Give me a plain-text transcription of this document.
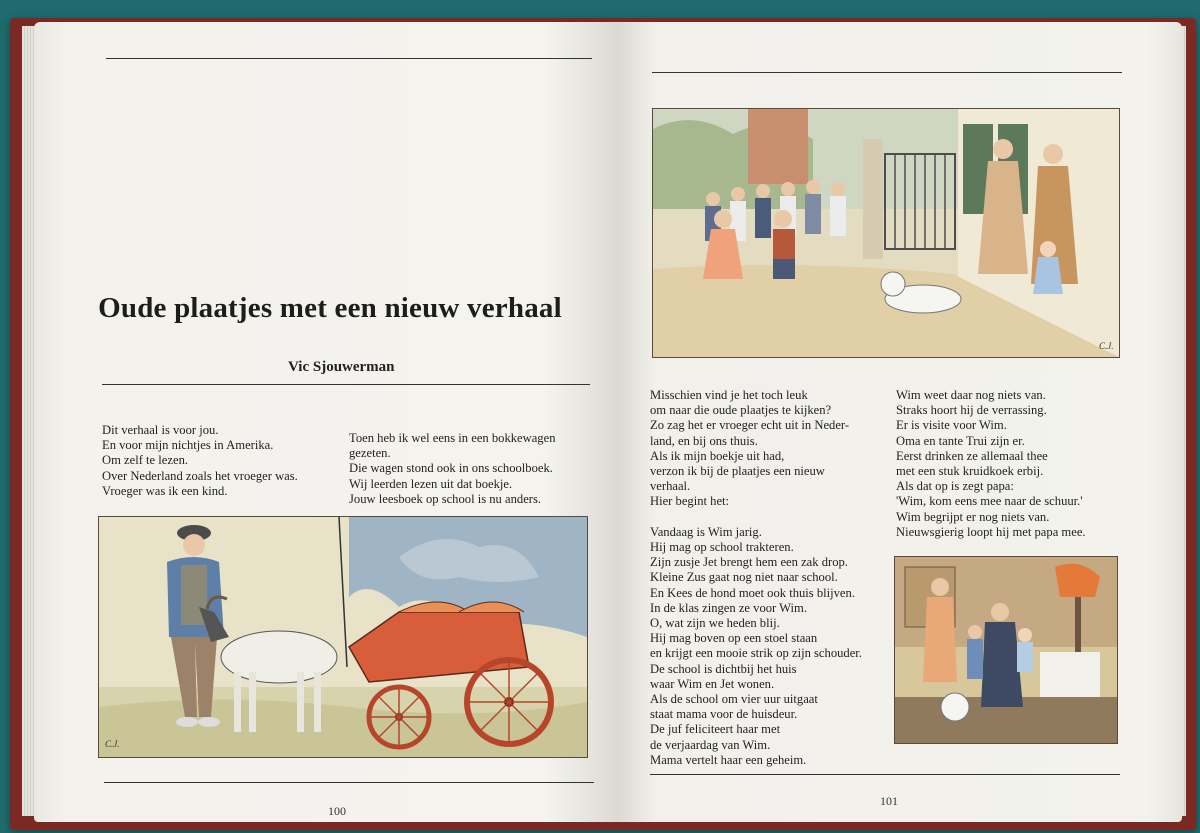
Oude plaatjes met een nieuw verhaal
Vic Sjouwerman
Dit verhaal is voor jou.
En voor mijn nichtjes in Amerika.
Om zelf te lezen.
Over Nederland zoals het vroeger was.
Vroeger was ik een kind.
Toen heb ik wel eens in een bokkewagen
gezeten.
Die wagen stond ook in ons schoolboek.
Wij leerden lezen uit dat boekje.
Jouw leesboek op school is nu anders.
C.J.
100
C.J.
Misschien vind je het toch leuk
om naar die oude plaatjes te kijken?
Zo zag het er vroeger echt uit in Neder-
land, en bij ons thuis.
Als ik mijn boekje uit had,
verzon ik bij de plaatjes een nieuw
verhaal.
Hier begint het:
Vandaag is Wim jarig.
Hij mag op school trakteren.
Zijn zusje Jet brengt hem een zak drop.
Kleine Zus gaat nog niet naar school.
En Kees de hond moet ook thuis blijven.
In de klas zingen ze voor Wim.
O, wat zijn we heden blij.
Hij mag boven op een stoel staan
en krijgt een mooie strik op zijn schouder.
De school is dichtbij het huis
waar Wim en Jet wonen.
Als de school om vier uur uitgaat
staat mama voor de huisdeur.
De juf feliciteert haar met
de verjaardag van Wim.
Mama vertelt haar een geheim.
Wim weet daar nog niets van.
Straks hoort hij de verrassing.
Er is visite voor Wim.
Oma en tante Trui zijn er.
Eerst drinken ze allemaal thee
met een stuk kruidkoek erbij.
Als dat op is zegt papa:
'Wim, kom eens mee naar de schuur.'
Wim begrijpt er nog niets van.
Nieuwsgierig loopt hij met papa mee.
101
